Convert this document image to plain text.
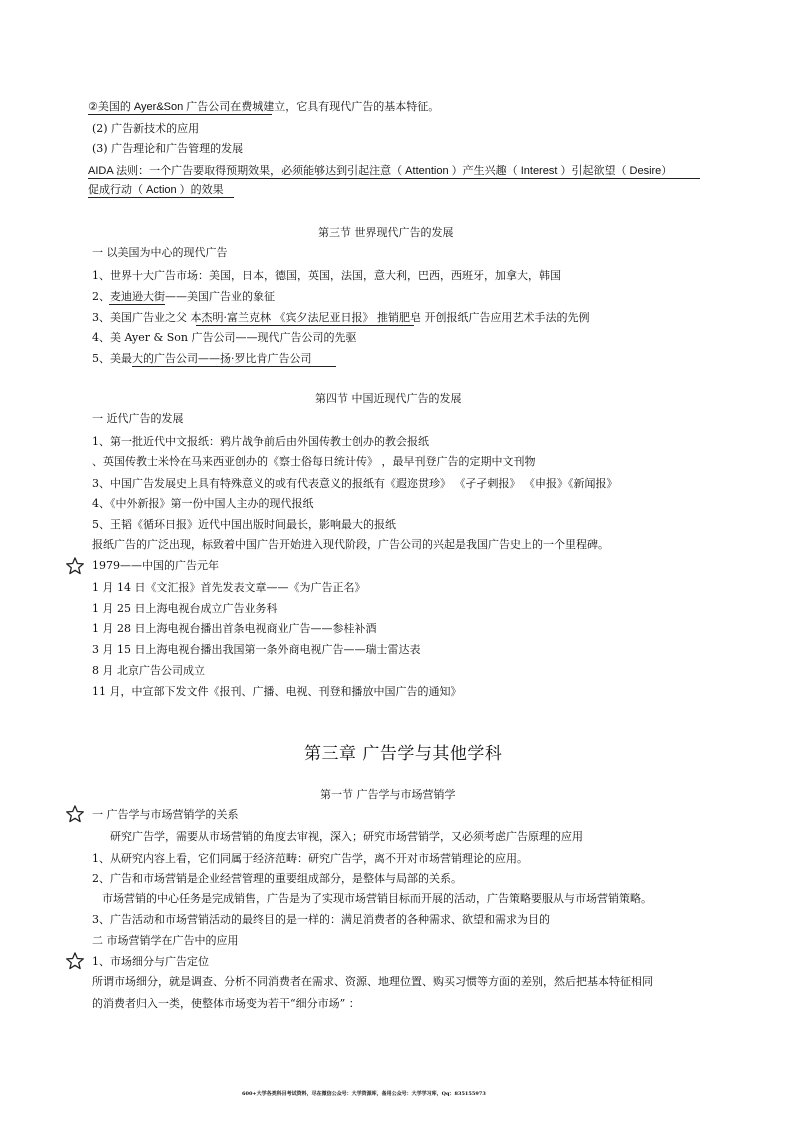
②美国的 Ayer&Son 广告公司在费城建立，它具有现代广告的基本特征。
(2) 广告新技术的应用
(3) 广告理论和广告管理的发展
AIDA 法则：一个广告要取得预期效果，必须能够达到引起注意（ Attention ）产生兴趣（ Interest ）引起欲望（ Desire）
促成行动（ Action ）的效果
第三节 世界现代广告的发展
一 以美国为中心的现代广告
1、世界十大广告市场：美国，日本，德国，英国，法国，意大利，巴西，西班牙，加拿大，韩国
2、麦迪逊大街——美国广告业的象征
3、美国广告业之父 本杰明·富兰克林 《宾夕法尼亚日报》 推销肥皂 开创报纸广告应用艺术手法的先例
4、美 Ayer & Son 广告公司——现代广告公司的先驱
5、美最大的广告公司——扬·罗比肯广告公司
第四节 中国近现代广告的发展
一 近代广告的发展
1、第一批近代中文报纸：鸦片战争前后由外国传教士创办的教会报纸
、英国传教士米怜在马来西亚创办的《察士俗每日统计传》 ，最早刊登广告的定期中文刊物
3、中国广告发展史上具有特殊意义的或有代表意义的报纸有《遐迩贯珍》 《孑孑剌报》 《申报》《新闻报》
4、《中外新报》第一份中国人主办的现代报纸
5、王韬《循环日报》近代中国出版时间最长，影响最大的报纸
报纸广告的广泛出现，标致着中国广告开始进入现代阶段，广告公司的兴起是我国广告史上的一个里程碑。
1979——中国的广告元年
1 月 14 日《文汇报》首先发表文章——《为广告正名》
1 月 25 日上海电视台成立广告业务科
1 月 28 日上海电视台播出首条电视商业广告——参桂补酒
3 月 15 日上海电视台播出我国第一条外商电视广告——瑞士雷达表
8 月 北京广告公司成立
11 月，中宣部下发文件《报刊、广播、电视、刊登和播放中国广告的通知》
第三章 广告学与其他学科
第一节 广告学与市场营销学
一 广告学与市场营销学的关系
研究广告学，需要从市场营销的角度去审视，深入；研究市场营销学，又必须考虑广告原理的应用
1、从研究内容上看，它们同属于经济范畴：研究广告学，离不开对市场营销理论的应用。
2、广告和市场营销是企业经营管理的重要组成部分，是整体与局部的关系。
市场营销的中心任务是完成销售，广告是为了实现市场营销目标而开展的活动，广告策略要服从与市场营销策略。
3、广告活动和市场营销活动的最终目的是一样的：满足消费者的各种需求、欲望和需求为目的
二 市场营销学在广告中的应用
1、市场细分与广告定位
所谓市场细分，就是调查、分析不同消费者在需求、资源、地理位置、购买习惯等方面的差别，然后把基本特征相同
的消费者归入一类，使整体市场变为若干“细分市场” ：
600+大学各类科目考试资料，尽在微信公众号：大学资源库，备用公众号：大学学习库，Qq：835155973
